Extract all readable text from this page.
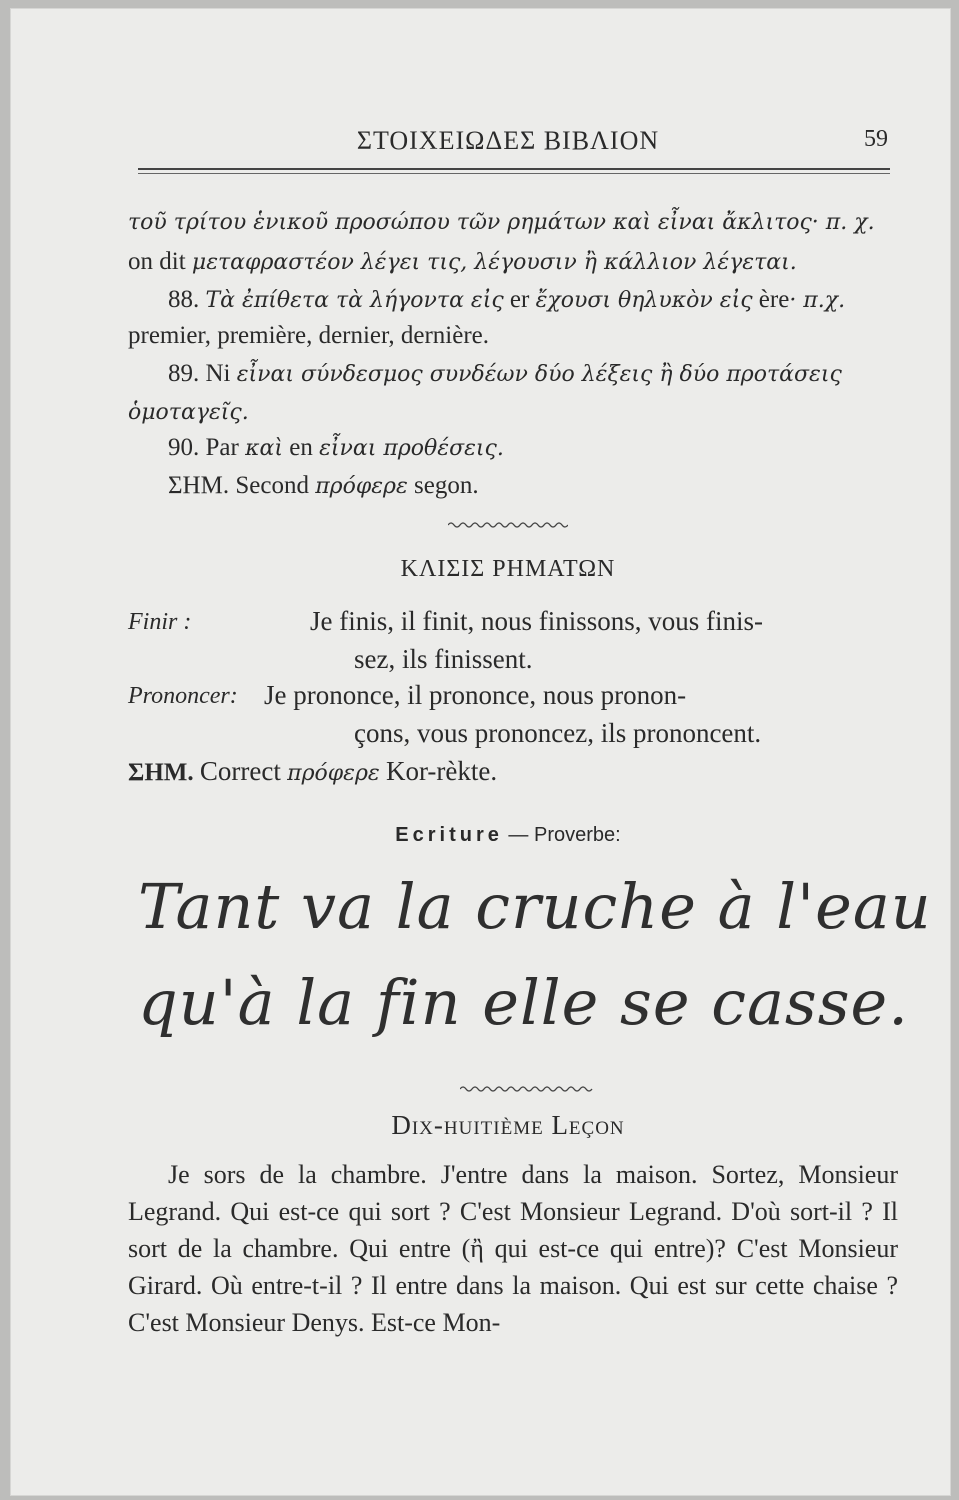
ΣΤΟΙΧΕΙΩΔΕΣ ΒΙΒΛΙΟΝ	59
τοῦ τρίτου ἑνικοῦ προσώπου τῶν ρημάτων καὶ εἶναι ἄκλιτος· π. χ.
on dit μεταφραστέον λέγει τις, λέγουσιν ἢ κάλλιον λέγεται.
88. Τὰ ἐπίθετα τὰ λήγοντα εἰς er ἔχουσι θηλυκὸν εἰς ère· π.χ.
premier, première, dernier, dernière.
89. Ni εἶναι σύνδεσμος συνδέων δύο λέξεις ἢ δύο προτάσεις
ὁμοταγεῖς.
90. Par καὶ en εἶναι προθέσεις.
ΣΗΜ. Second πρόφερε segon.
ΚΛΙΣΙΣ ΡΗΜΑΤΩΝ
Finir :	Je finis, il finit, nous finissons, vous finis-
sez, ils finissent.
Prononcer: Je prononce, il prononce, nous pronon-
çons, vous prononcez, ils prononcent.
ΣΗΜ. Correct πρόφερε Kor-rèkte.
Ecriture — Proverbe:
Tant va la cruche à l'eau
qu'à la fin elle se casse.
Dix-huitième Leçon
Je sors de la chambre. J'entre dans la maison. Sortez, Monsieur Legrand. Qui est-ce qui sort ? C'est Monsieur Legrand. D'où sort-il ? Il sort de la chambre. Qui entre (ἢ qui est-ce qui entre)? C'est Monsieur Girard. Où entre-t-il ? Il entre dans la maison. Qui est sur cette chaise ? C'est Monsieur Denys. Est-ce Mon-
